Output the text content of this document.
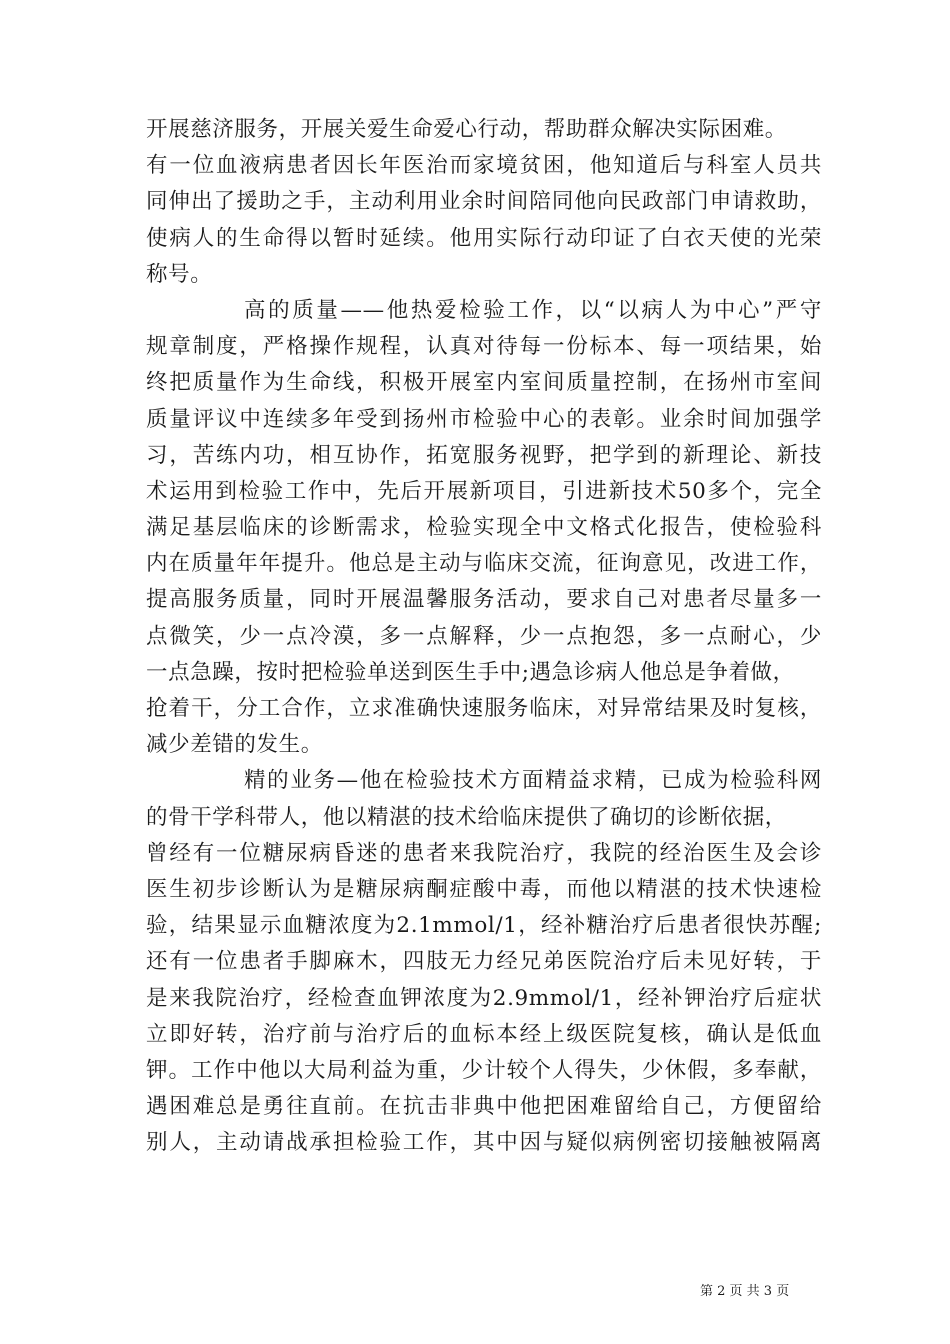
开展慈济服务，开展关爱生命爱心行动，帮助群众解决实际困难。
有一位血液病患者因长年医治而家境贫困，他知道后与科室人员共
同伸出了援助之手，主动利用业余时间陪同他向民政部门申请救助，
使病人的生命得以暂时延续。他用实际行动印证了白衣天使的光荣
称号。
高的质量——他热爱检验工作，以“以病人为中心”严守
规章制度，严格操作规程，认真对待每一份标本、每一项结果，始
终把质量作为生命线，积极开展室内室间质量控制，在扬州市室间
质量评议中连续多年受到扬州市检验中心的表彰。业余时间加强学
习，苦练内功，相互协作，拓宽服务视野，把学到的新理论、新技
术运用到检验工作中，先后开展新项目，引进新技术50多个，完全
满足基层临床的诊断需求，检验实现全中文格式化报告，使检验科
内在质量年年提升。他总是主动与临床交流，征询意见，改进工作，
提高服务质量，同时开展温馨服务活动，要求自己对患者尽量多一
点微笑，少一点冷漠，多一点解释，少一点抱怨，多一点耐心，少
一点急躁，按时把检验单送到医生手中;遇急诊病人他总是争着做，
抢着干，分工合作，立求准确快速服务临床，对异常结果及时复核，
减少差错的发生。
精的业务—他在检验技术方面精益求精，已成为检验科网
的骨干学科带人，他以精湛的技术给临床提供了确切的诊断依据，
曾经有一位糖尿病昏迷的患者来我院治疗，我院的经治医生及会诊
医生初步诊断认为是糖尿病酮症酸中毒，而他以精湛的技术快速检
验，结果显示血糖浓度为2.1mmol/1，经补糖治疗后患者很快苏醒;
还有一位患者手脚麻木，四肢无力经兄弟医院治疗后未见好转，于
是来我院治疗，经检查血钾浓度为2.9mmol/1，经补钾治疗后症状
立即好转，治疗前与治疗后的血标本经上级医院复核，确认是低血
钾。工作中他以大局利益为重，少计较个人得失，少休假，多奉献，
遇困难总是勇往直前。在抗击非典中他把困难留给自己，方便留给
别人，主动请战承担检验工作，其中因与疑似病例密切接触被隔离
第 2 页 共 3 页
